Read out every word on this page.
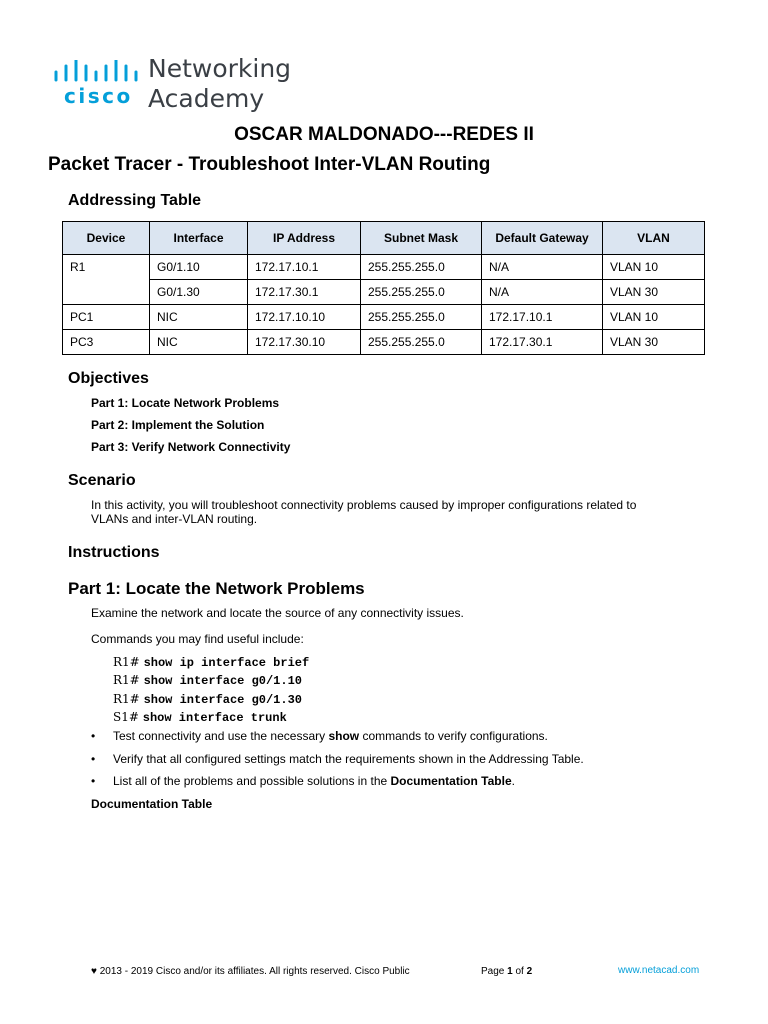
cisco
Networking
Academy
OSCAR MALDONADO---REDES II
Packet Tracer - Troubleshoot Inter-VLAN Routing
Addressing Table
Device	Interface	IP Address	Subnet Mask	Default Gateway	VLAN
R1	G0/1.10	172.17.10.1	255.255.255.0	N/A	VLAN 10
	G0/1.30	172.17.30.1	255.255.255.0	N/A	VLAN 30
PC1	NIC	172.17.10.10	255.255.255.0	172.17.10.1	VLAN 10
PC3	NIC	172.17.30.10	255.255.255.0	172.17.30.1	VLAN 30
Objectives
Part 1: Locate Network Problems
Part 2: Implement the Solution
Part 3: Verify Network Connectivity
Scenario
In this activity, you will troubleshoot connectivity problems caused by improper configurations related to
VLANs and inter-VLAN routing.
Instructions
Part 1: Locate the Network Problems
Examine the network and locate the source of any connectivity issues.
Commands you may find useful include:
R1# show ip interface brief
R1# show interface g0/1.10
R1# show interface g0/1.30
S1# show interface trunk
• Test connectivity and use the necessary show commands to verify configurations.
• Verify that all configured settings match the requirements shown in the Addressing Table.
• List all of the problems and possible solutions in the Documentation Table.
Documentation Table
♥ 2013 - 2019 Cisco and/or its affiliates. All rights reserved. Cisco Public	Page 1 of 2	www.netacad.com
